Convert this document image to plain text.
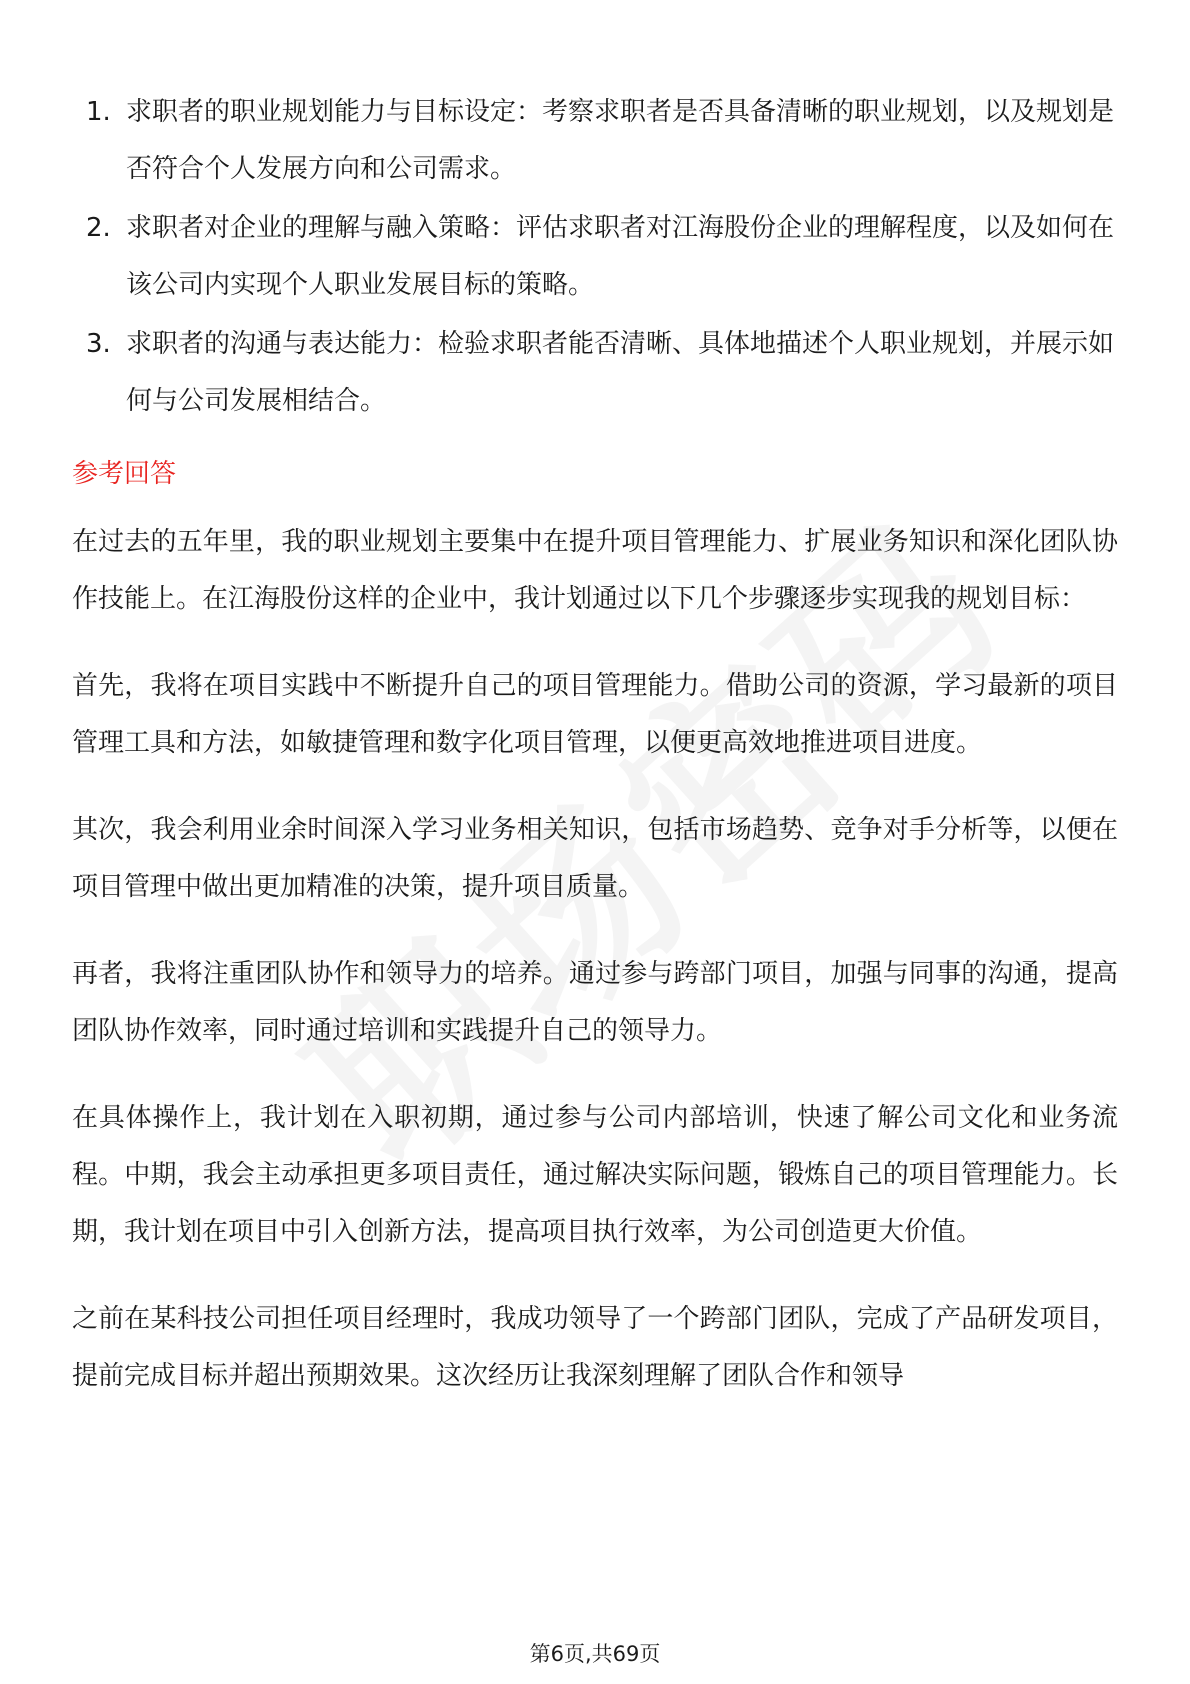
1. 求职者的职业规划能力与目标设定：考察求职者是否具备清晰的职业规划，以及规划是否符合个人发展方向和公司需求。
2. 求职者对企业的理解与融入策略：评估求职者对江海股份企业的理解程度，以及如何在该公司内实现个人职业发展目标的策略。
3. 求职者的沟通与表达能力：检验求职者能否清晰、具体地描述个人职业规划，并展示如何与公司发展相结合。
参考回答

在过去的五年里，我的职业规划主要集中在提升项目管理能力、扩展业务知识和深化团队协作技能上。在江海股份这样的企业中，我计划通过以下几个步骤逐步实现我的规划目标：

首先，我将在项目实践中不断提升自己的项目管理能力。借助公司的资源，学习最新的项目管理工具和方法，如敏捷管理和数字化项目管理，以便更高效地推进项目进度。

其次，我会利用业余时间深入学习业务相关知识，包括市场趋势、竞争对手分析等，以便在项目管理中做出更加精准的决策，提升项目质量。

再者，我将注重团队协作和领导力的培养。通过参与跨部门项目，加强与同事的沟通，提高团队协作效率，同时通过培训和实践提升自己的领导力。

在具体操作上，我计划在入职初期，通过参与公司内部培训，快速了解公司文化和业务流程。中期，我会主动承担更多项目责任，通过解决实际问题，锻炼自己的项目管理能力。长期，我计划在项目中引入创新方法，提高项目执行效率，为公司创造更大价值。

之前在某科技公司担任项目经理时，我成功领导了一个跨部门团队，完成了产品研发项目，提前完成目标并超出预期效果。这次经历让我深刻理解了团队合作和领导

第6页,共69页
